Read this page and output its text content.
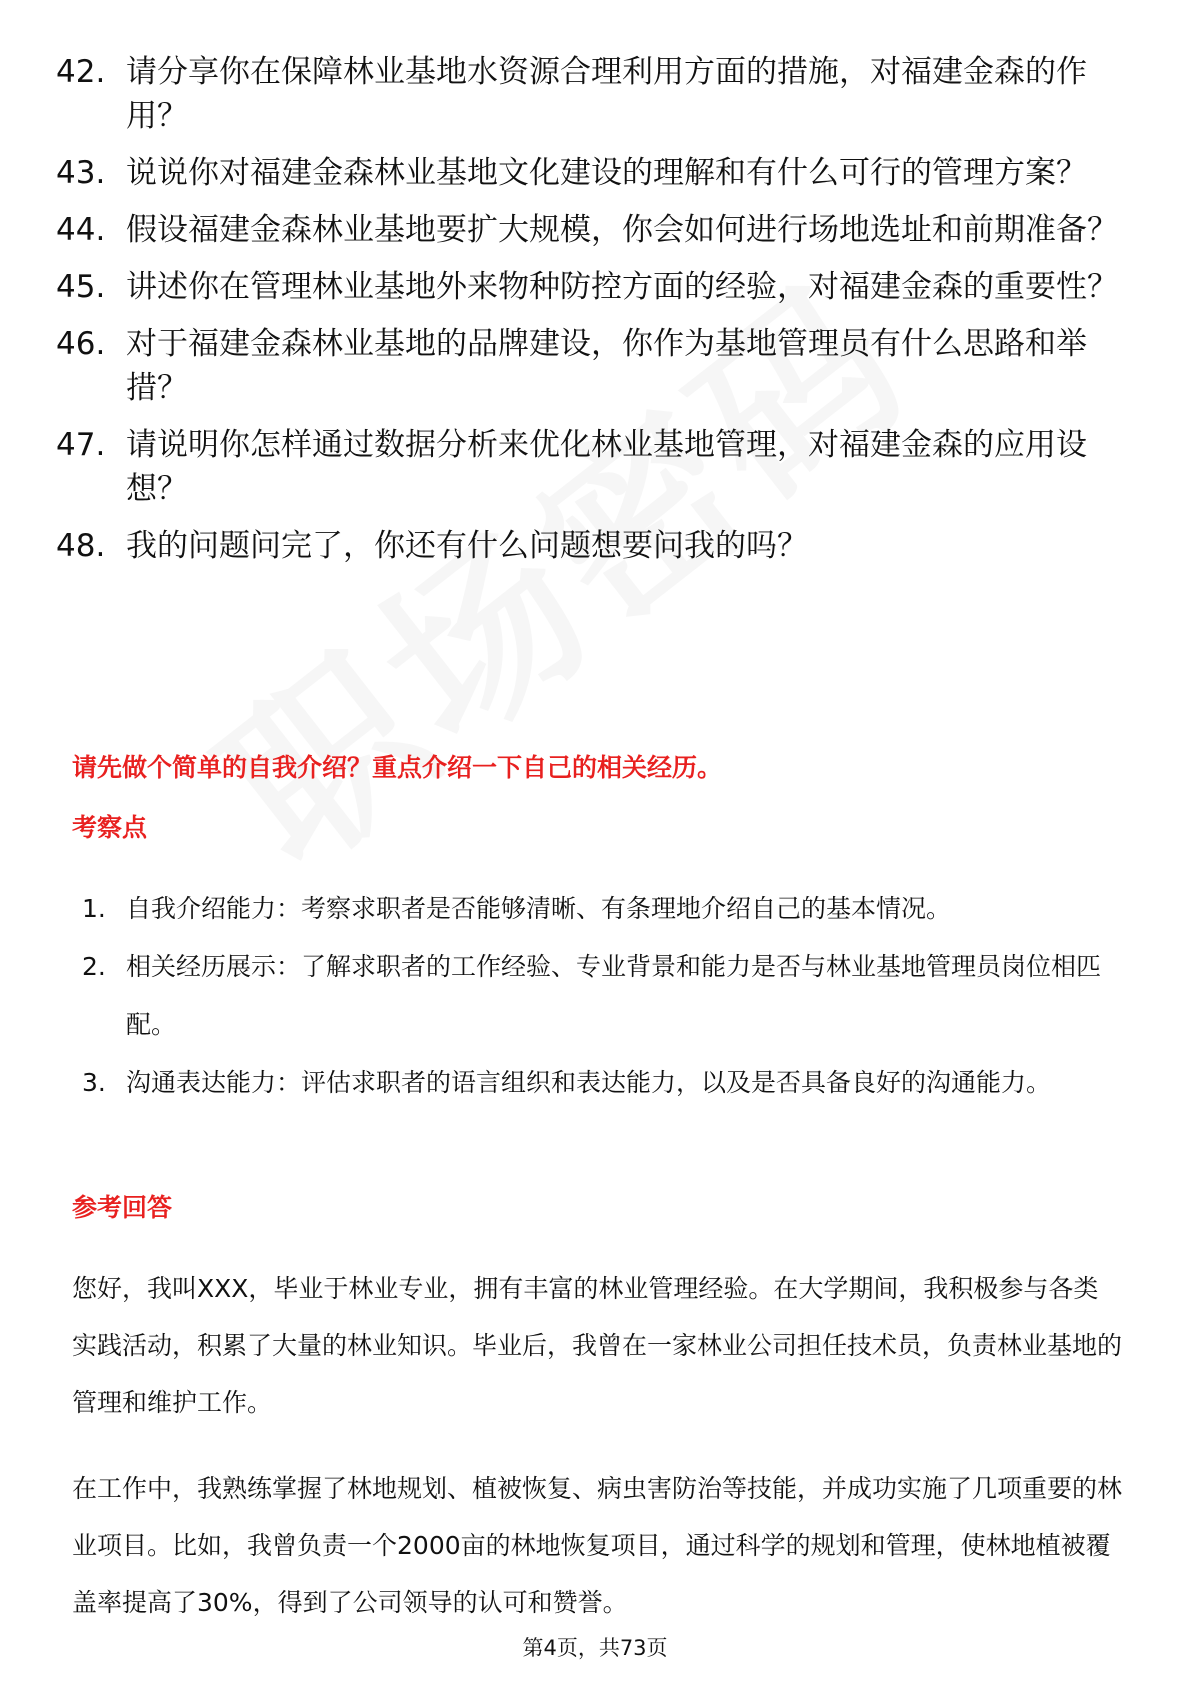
42. 请分享你在保障林业基地水资源合理利用方面的措施，对福建金森的作用？
43. 说说你对福建金森林业基地文化建设的理解和有什么可行的管理方案？
44. 假设福建金森林业基地要扩大规模，你会如何进行场地选址和前期准备？
45. 讲述你在管理林业基地外来物种防控方面的经验，对福建金森的重要性？
46. 对于福建金森林业基地的品牌建设，你作为基地管理员有什么思路和举措？
47. 请说明你怎样通过数据分析来优化林业基地管理，对福建金森的应用设想？
48. 我的问题问完了，你还有什么问题想要问我的吗？
请先做个简单的自我介绍？重点介绍一下自己的相关经历。
考察点
1. 自我介绍能力：考察求职者是否能够清晰、有条理地介绍自己的基本情况。
2. 相关经历展示：了解求职者的工作经验、专业背景和能力是否与林业基地管理员岗位相匹配。
3. 沟通表达能力：评估求职者的语言组织和表达能力，以及是否具备良好的沟通能力。
参考回答

您好，我叫XXX，毕业于林业专业，拥有丰富的林业管理经验。在大学期间，我积极参与各类实践活动，积累了大量的林业知识。毕业后，我曾在一家林业公司担任技术员，负责林业基地的管理和维护工作。

在工作中，我熟练掌握了林地规划、植被恢复、病虫害防治等技能，并成功实施了几项重要的林业项目。比如，我曾负责一个2000亩的林地恢复项目，通过科学的规划和管理，使林地植被覆盖率提高了30%，得到了公司领导的认可和赞誉。

第4页，共73页
